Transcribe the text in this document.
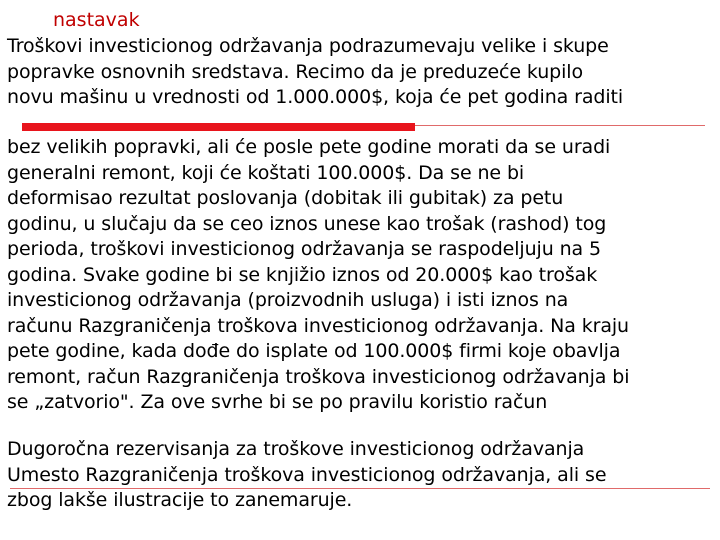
nastavak

Troškovi investicionog održavanja podrazumevaju velike i skupe
popravke osnovnih sredstava. Recimo da je preduzeće kupilo
novu mašinu u vrednosti od 1.000.000$, koja će pet godina raditi

bez velikih popravki, ali će posle pete godine morati da se uradi
generalni remont, koji će koštati 100.000$. Da se ne bi
deformisao rezultat poslovanja (dobitak ili gubitak) za petu
godinu, u slučaju da se ceo iznos unese kao trošak (rashod) tog
perioda, troškovi investicionog održavanja se raspodeljuju na 5
godina. Svake godine bi se knjižio iznos od 20.000$ kao trošak
investicionog održavanja (proizvodnih usluga) i isti iznos na
računu Razgraničenja troškova investicionog održavanja. Na kraju
pete godine, kada dođe do isplate od 100.000$ firmi koje obavlja
remont, račun Razgraničenja troškova investicionog održavanja bi
se „zatvorio". Za ove svrhe bi se po pravilu koristio račun

Dugoročna rezervisanja za troškove investicionog održavanja
Umesto Razgraničenja troškova investicionog održavanja, ali se
zbog lakše ilustracije to zanemaruje.
